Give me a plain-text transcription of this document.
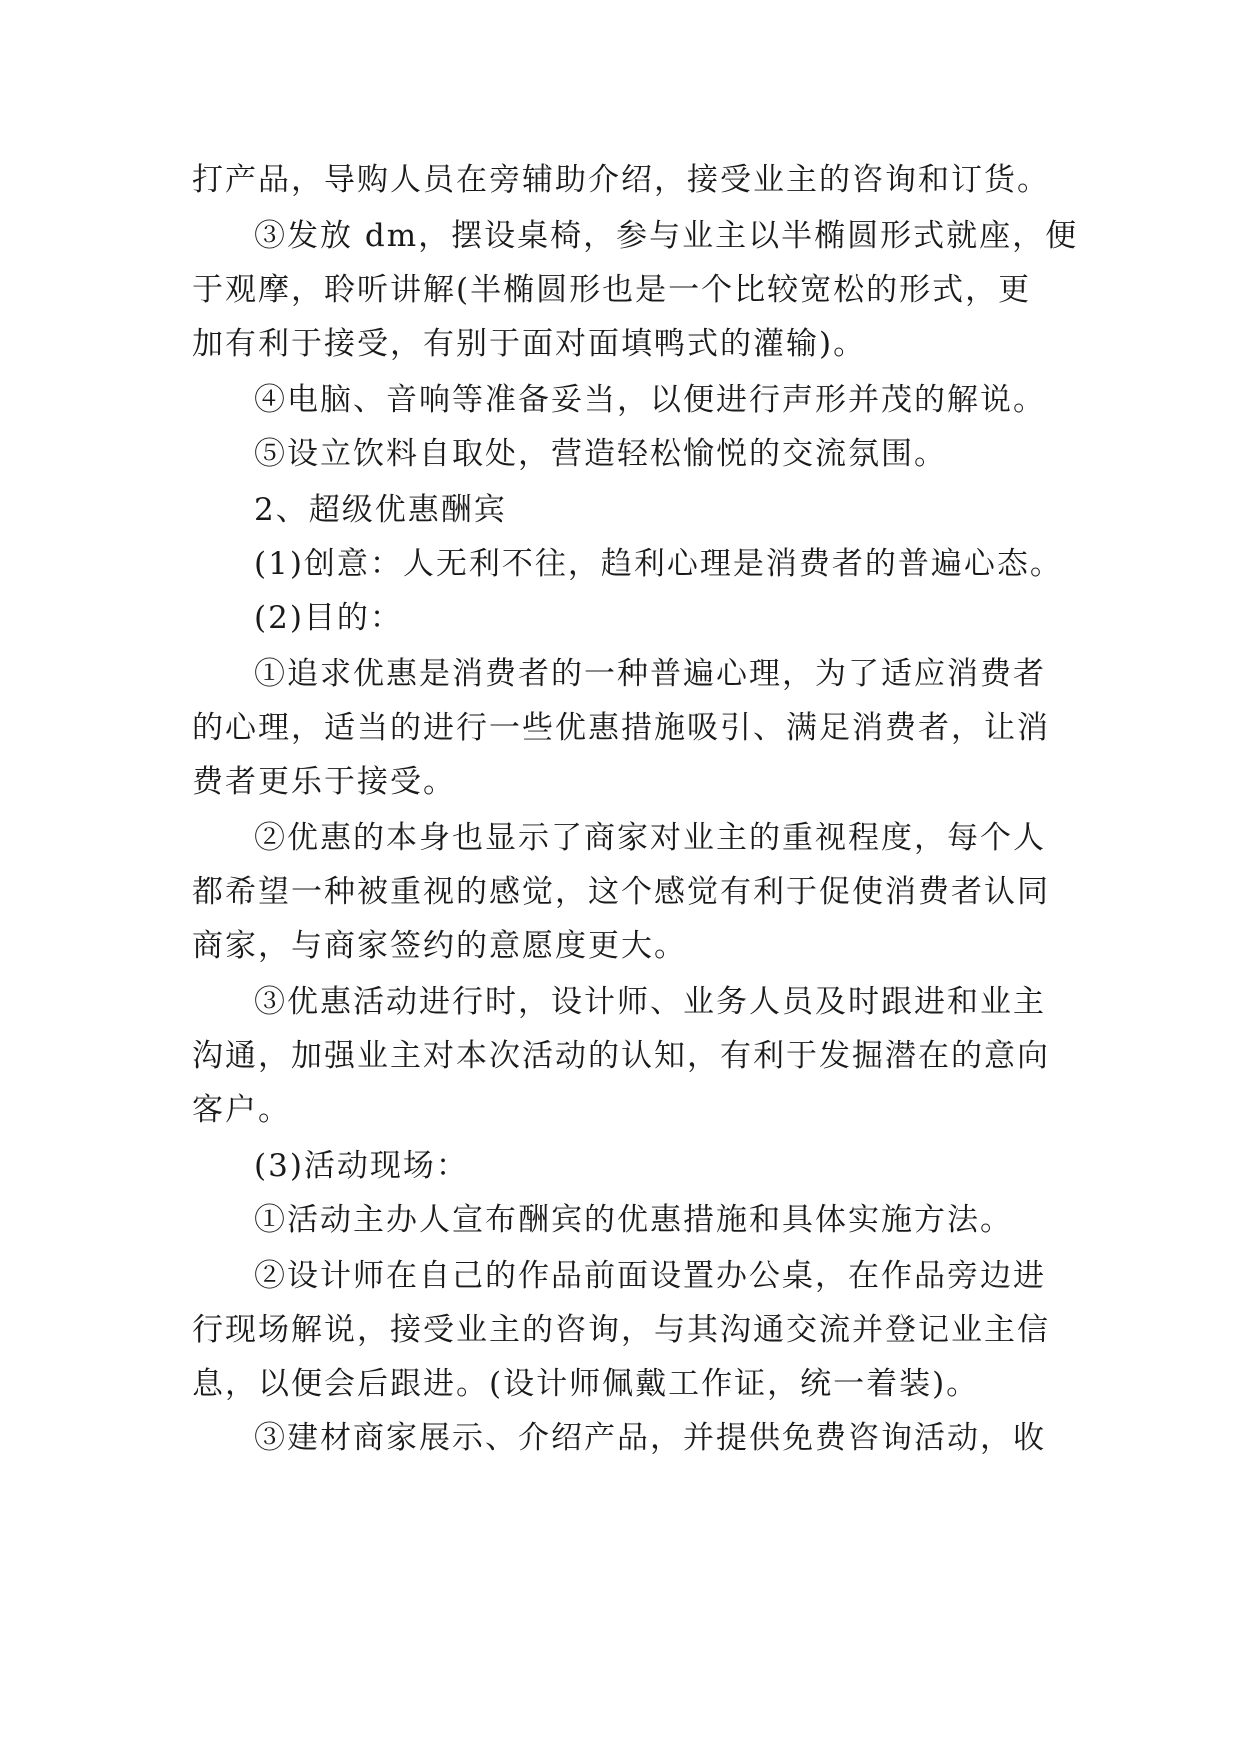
打产品，导购人员在旁辅助介绍，接受业主的咨询和订货。
③发放 dm，摆设桌椅，参与业主以半椭圆形式就座，便
于观摩，聆听讲解(半椭圆形也是一个比较宽松的形式，更
加有利于接受，有别于面对面填鸭式的灌输)。
④电脑、音响等准备妥当，以便进行声形并茂的解说。
⑤设立饮料自取处，营造轻松愉悦的交流氛围。
2、超级优惠酬宾
(1)创意：人无利不往，趋利心理是消费者的普遍心态。
(2)目的：
①追求优惠是消费者的一种普遍心理，为了适应消费者
的心理，适当的进行一些优惠措施吸引、满足消费者，让消
费者更乐于接受。
②优惠的本身也显示了商家对业主的重视程度，每个人
都希望一种被重视的感觉，这个感觉有利于促使消费者认同
商家，与商家签约的意愿度更大。
③优惠活动进行时，设计师、业务人员及时跟进和业主
沟通，加强业主对本次活动的认知，有利于发掘潜在的意向
客户。
(3)活动现场：
①活动主办人宣布酬宾的优惠措施和具体实施方法。
②设计师在自己的作品前面设置办公桌，在作品旁边进
行现场解说，接受业主的咨询，与其沟通交流并登记业主信
息，以便会后跟进。(设计师佩戴工作证，统一着装)。
③建材商家展示、介绍产品，并提供免费咨询活动，收
